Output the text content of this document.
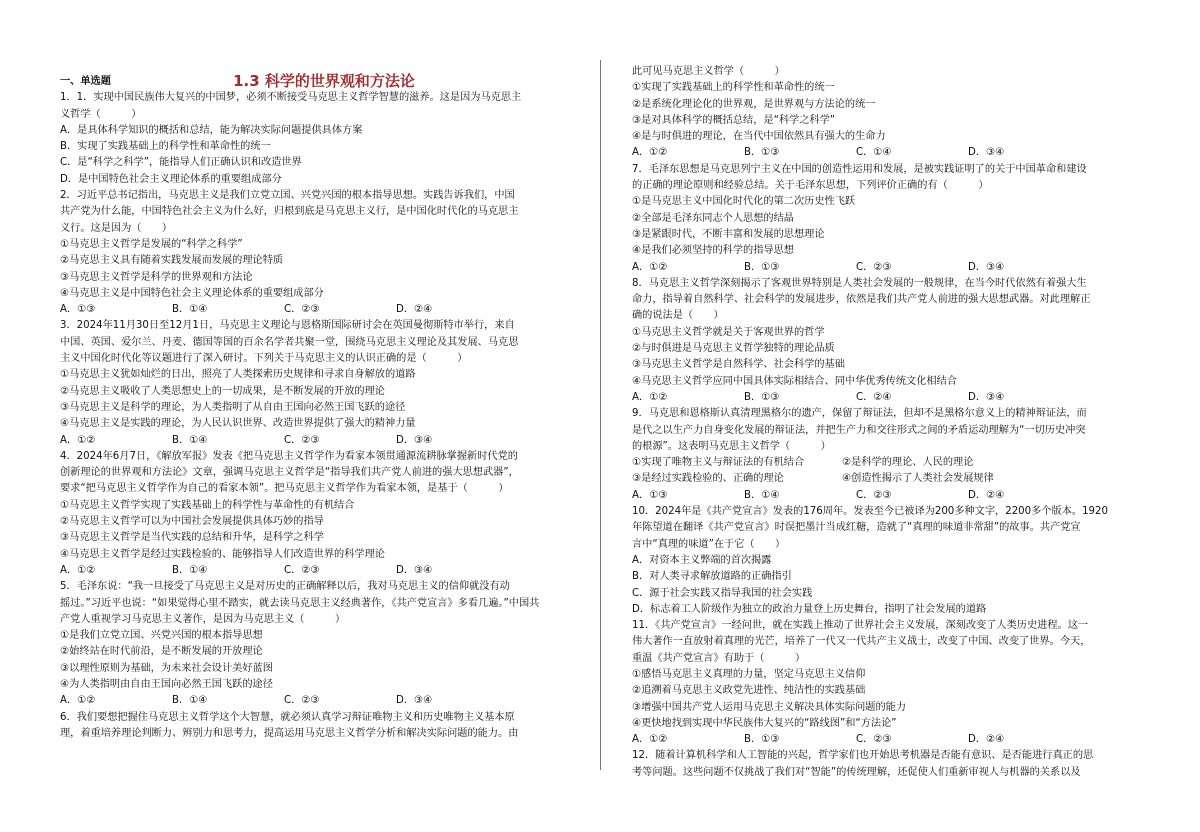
1.3 科学的世界观和方法论

一、单选题

1．1．实现中国民族伟大复兴的中国梦，必须不断接受马克思主义哲学智慧的滋养。这是因为马克思主

义哲学（　　　）

A．是具体科学知识的概括和总结，能为解决实际问题提供具体方案

B．实现了实践基础上的科学性和革命性的统一

C．是“科学之科学”，能指导人们正确认识和改造世界

D．是中国特色社会主义理论体系的重要组成部分

2．习近平总书记指出，马克思主义是我们立党立国、兴党兴国的根本指导思想。实践告诉我们，中国

共产党为什么能，中国特色社会主义为什么好，归根到底是马克思主义行，是中国化时代化的马克思主

义行。这是因为（　　）

①马克思主义哲学是发展的“科学之科学”

②马克思主义具有随着实践发展而发展的理论特质

③马克思主义哲学是科学的世界观和方法论

④马克思主义是中国特色社会主义理论体系的重要组成部分

A．①③	B．①④	C．②③	D．②④

3．2024年11月30日至12月1日，马克思主义理论与恩格斯国际研讨会在英国曼彻斯特市举行，来自

中国、英国、爱尔兰、丹麦、德国等国的百余名学者共聚一堂，围绕马克思主义理论及其发展、马克思

主义中国化时代化等议题进行了深入研讨。下列关于马克思主义的认识正确的是（　　　）

①马克思主义犹如灿烂的日出，照亮了人类探索历史规律和寻求自身解放的道路

②马克思主义吸收了人类思想史上的一切成果，是不断发展的开放的理论

③马克思主义是科学的理论，为人类指明了从自由王国向必然王国飞跃的途径

④马克思主义是实践的理论，为人民认识世界、改造世界提供了强大的精神力量

A．①②	B．①④	C．②③	D．③④

4．2024年6月7日，《解放军报》发表《把马克思主义哲学作为看家本领贯通源流耕脉掌握新时代党的

创新理论的世界观和方法论》文章，强调马克思主义哲学是“指导我们共产党人前进的强大思想武器”，

要求“把马克思主义哲学作为自己的看家本领”。把马克思主义哲学作为看家本领，是基于（　　　）

①马克思主义哲学实现了实践基础上的科学性与革命性的有机结合

②马克思主义哲学可以为中国社会发展提供具体巧妙的指导

③马克思主义哲学是当代实践的总结和升华，是科学之科学

④马克思主义哲学是经过实践检验的、能够指导人们改造世界的科学理论

A．①②	B．①④	C．②③	D．③④

5．毛泽东说：“我一旦接受了马克思主义是对历史的正确解释以后，我对马克思主义的信仰就没有动

摇过。”习近平也说：“如果觉得心里不踏实，就去读马克思主义经典著作，《共产党宣言》多看几遍。”中国共

产党人重视学习马克思主义著作，是因为马克思主义（　　　）

①是我们立党立国、兴党兴国的根本指导思想

②始终站在时代前沿，是不断发展的开放理论

③以理性原则为基础，为未来社会设计美好蓝图

④为人类指明由自由王国向必然王国飞跃的途径

A．①②	B．①④	C．②③	D．③④

6．我们要想把握住马克思主义哲学这个大智慧，就必须认真学习辩证唯物主义和历史唯物主义基本原

理，着重培养理论判断力、辨别力和思考力，提高运用马克思主义哲学分析和解决实际问题的能力。由

此可见马克思主义哲学（　　　）

①实现了实践基础上的科学性和革命性的统一

②是系统化理论化的世界观，是世界观与方法论的统一

③是对具体科学的概括总结，是“科学之科学”

④是与时俱进的理论，在当代中国依然具有强大的生命力

A．①②	B．①③	C．①④	D．③④

7．毛泽东思想是马克思列宁主义在中国的创造性运用和发展，是被实践证明了的关于中国革命和建设

的正确的理论原则和经验总结。关于毛泽东思想，下列评价正确的有（　　　）

①是马克思主义中国化时代化的第二次历史性飞跃

②全部是毛泽东同志个人思想的结晶

③是紧跟时代，不断丰富和发展的思想理论

④是我们必须坚持的科学的指导思想

A．①②	B．①③	C．②③	D．③④

8．马克思主义哲学深刻揭示了客观世界特别是人类社会发展的一般规律，在当今时代依然有着强大生

命力，指导着自然科学、社会科学的发展进步，依然是我们共产党人前进的强大思想武器。对此理解正

确的说法是（　　）

①马克思主义哲学就是关于客观世界的哲学

②与时俱进是马克思主义哲学独特的理论品质

③马克思主义哲学是自然科学、社会科学的基础

④马克思主义哲学应同中国具体实际相结合、同中华优秀传统文化相结合

A．①②	B．①③	C．②④	D．③④

9．马克思和恩格斯认真清理黑格尔的遗产，保留了辩证法，但却不是黑格尔意义上的精神辩证法，而

是代之以生产力自身变化发展的辩证法，并把生产力和交往形式之间的矛盾运动理解为“一切历史冲突

的根源”。这表明马克思主义哲学（　　　）

①实现了唯物主义与辩证法的有机结合	②是科学的理论、人民的理论
③是经过实践检验的、正确的理论	④创造性揭示了人类社会发展规律
A．①③	B．①④	C．②③	D．②④

10．2024年是《共产党宣言》发表的176周年。发表至今已被译为200多种文字，2200多个版本。1920

年陈望道在翻译《共产党宣言》时误把墨汁当成红糖，造就了“真理的味道非常甜”的故事。共产党宣

言中“真理的味道”在于它（　　）

A．对资本主义弊端的首次揭露

B．对人类寻求解放道路的正确指引

C．源于社会实践又指导我国的社会实践

D．标志着工人阶级作为独立的政治力量登上历史舞台，指明了社会发展的道路

11．《共产党宣言》一经问世，就在实践上推动了世界社会主义发展，深刻改变了人类历史进程。这一

伟大著作一直放射着真理的光芒，培养了一代又一代共产主义战士，改变了中国、改变了世界。今天，

重温《共产党宣言》有助于（　　　）

①感悟马克思主义真理的力量，坚定马克思主义信仰

②追溯着马克思主义政党先进性、纯洁性的实践基础

③增强中国共产党人运用马克思主义解决具体实际问题的能力

④更快地找到实现中华民族伟大复兴的“路线图”和“方法论”

A．①②	B．①③	C．②③	D．②④

12．随着计算机科学和人工智能的兴起，哲学家们也开始思考机器是否能有意识、是否能进行真正的思

考等问题。这些问题不仅挑战了我们对“智能”的传统理解，还促使人们重新审视人与机器的关系以及
